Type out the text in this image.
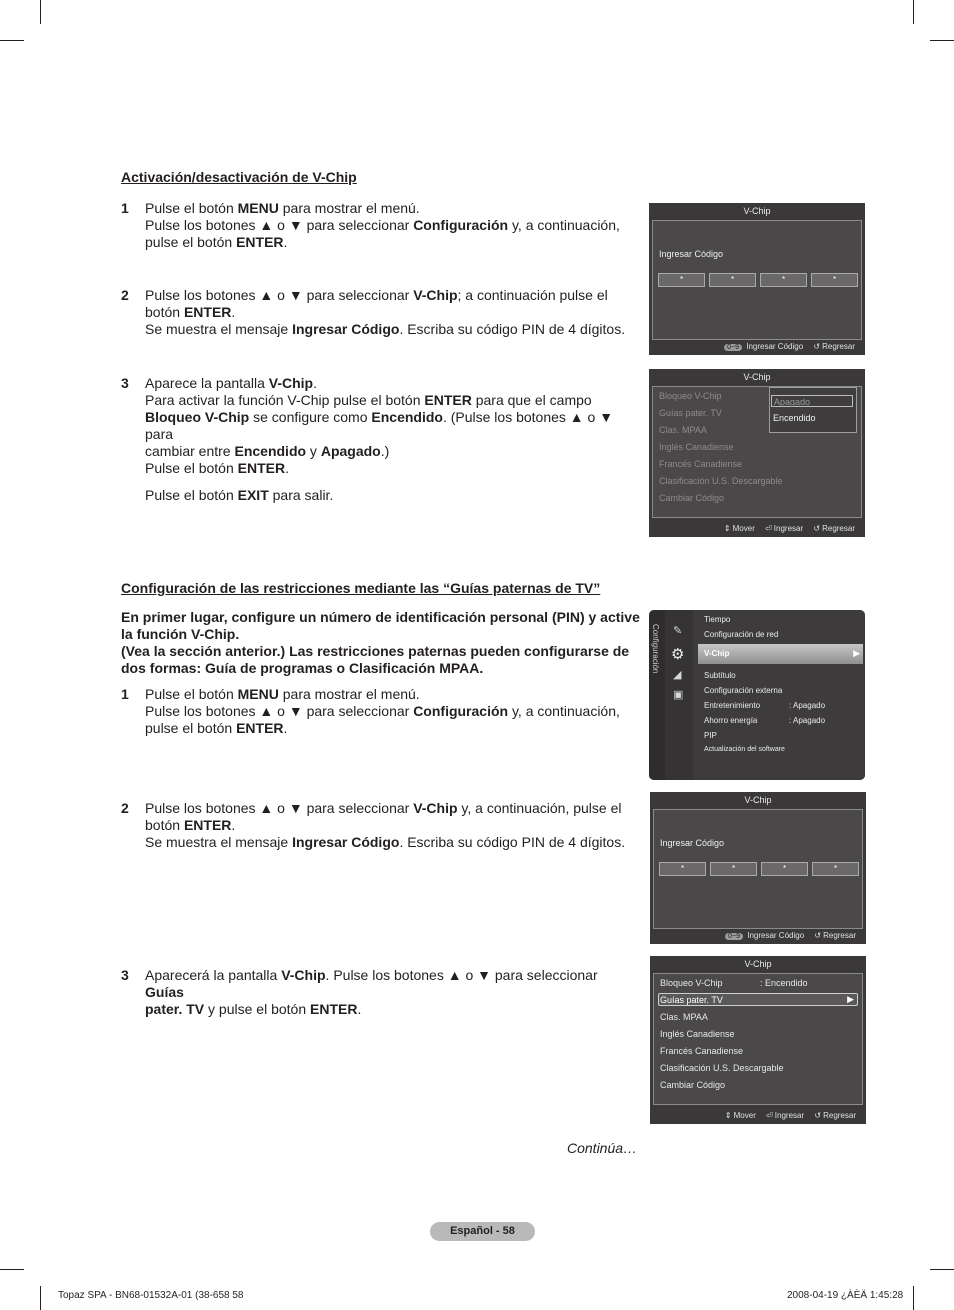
Activación/desactivación de V-Chip
1 Pulse el botón MENU para mostrar el menú.

Pulse los botones ▲ o ▼ para seleccionar Configuración y, a continuación,

pulse el botón ENTER.

2 Pulse los botones ▲ o ▼ para seleccionar V-Chip; a continuación pulse el

botón ENTER.

Se muestra el mensaje Ingresar Código. Escriba su código PIN de 4 dígitos.

3 Aparece la pantalla V-Chip.

Para activar la función V-Chip pulse el botón ENTER para que el campo

Bloqueo V-Chip se configure como Encendido. (Pulse los botones ▲ o ▼ para

cambiar entre Encendido y Apagado.)

Pulse el botón ENTER.

Pulse el botón EXIT para salir.

V-Chip
Ingresar Código
*	*	*	*
0~9 Ingresar Código ↺ Regresar
V-Chip
Bloqueo V-Chip
Guías pater. TV
Clas. MPAA
Inglés Canadiense
Francés Canadiense
Clasificación U.S. Descargable
Cambiar Código
Apagado
Encendido
⇕ Mover ⏎ Ingresar ↺ Regresar
Configuración de las restricciones mediante las “Guías paternas de TV”
En primer lugar, configure un número de identificación personal (PIN) y active
la función V-Chip.
(Vea la sección anterior.) Las restricciones paternas pueden configurarse de
dos formas: Guía de programas o Clasificación MPAA.
1 Pulse el botón MENU para mostrar el menú.

Pulse los botones ▲ o ▼ para seleccionar Configuración y, a continuación,

pulse el botón ENTER.

2 Pulse los botones ▲ o ▼ para seleccionar V-Chip y, a continuación, pulse el

botón ENTER.

Se muestra el mensaje Ingresar Código. Escriba su código PIN de 4 dígitos.

3 Aparecerá la pantalla V-Chip. Pulse los botones ▲ o ▼ para seleccionar Guías

pater. TV y pulse el botón ENTER.

Configuración ✎
⚙
◢
▣
Tiempo
Configuración de red
V-Chip	▶
Subtítulo
Configuración externa
Entretenimiento	: Apagado
Ahorro energía	: Apagado
PIP
Actualización del software
V-Chip
Ingresar Código
*	*	*	*
0~9 Ingresar Código ↺ Regresar
V-Chip
Bloqueo V-Chip	: Encendido
Guías pater. TV	▶
Clas. MPAA
Inglés Canadiense
Francés Canadiense
Clasificación U.S. Descargable
Cambiar Código
⇕ Mover ⏎ Ingresar ↺ Regresar
Continúa…
Español - 58
Topaz SPA - BN68-01532A-01 (38-658 58	2008-04-19 ¿ÀÈÄ 1:45:28
